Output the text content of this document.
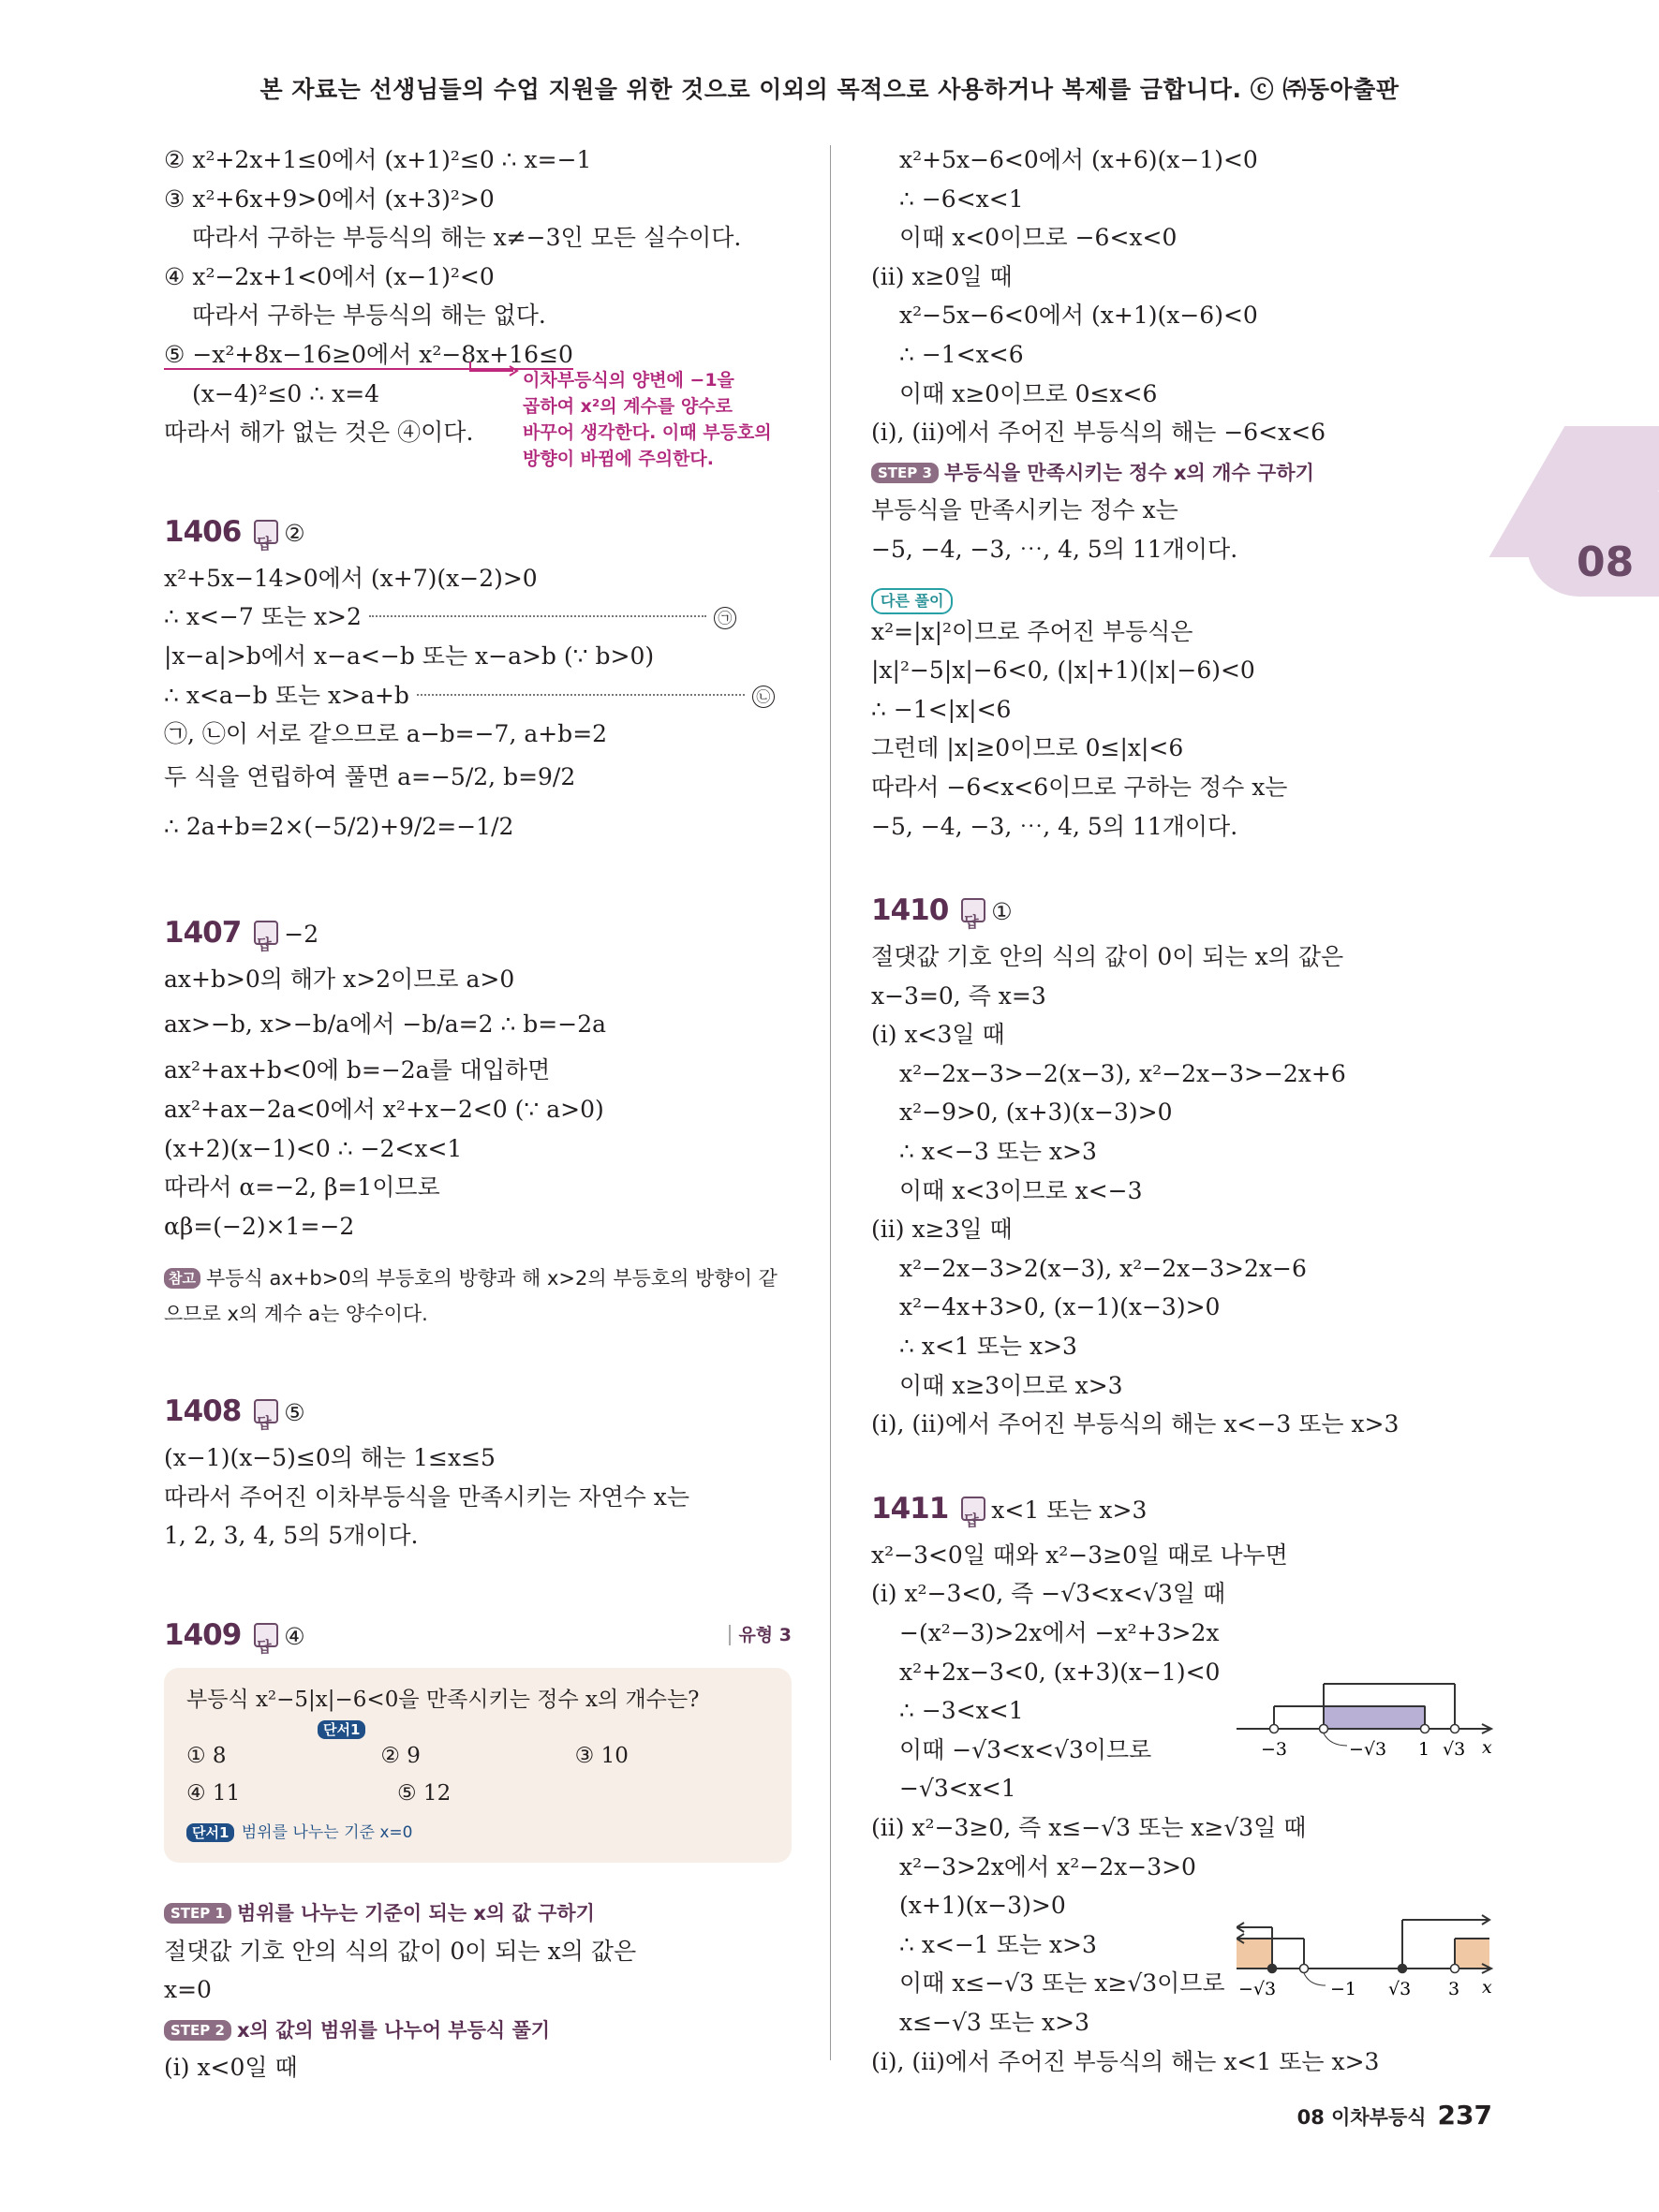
본 자료는 선생님들의 수업 지원을 위한 것으로 이외의 목적으로 사용하거나 복제를 금합니다. ⓒ ㈜동아출판
08
② x²+2x+1≤0에서 (x+1)²≤0 ∴ x=−1
③ x²+6x+9>0에서 (x+3)²>0
따라서 구하는 부등식의 해는 x≠−3인 모든 실수이다.
④ x²−2x+1<0에서 (x−1)²<0
따라서 구하는 부등식의 해는 없다.
⑤ −x²+8x−16≥0에서 x²−8x+16≤0
(x−4)²≤0 ∴ x=4
따라서 해가 없는 것은 ④이다.
1406 답 ②
x²+5x−14>0에서 (x+7)(x−2)>0
∴ x<−7 또는 x>2	㉠
|x−a|>b에서 x−a<−b 또는 x−a>b (∵ b>0)
∴ x<a−b 또는 x>a+b	㉡
㉠, ㉡이 서로 같으므로 a−b=−7, a+b=2
두 식을 연립하여 풀면 a=−5/2, b=9/2
∴ 2a+b=2×(−5/2)+9/2=−1/2
1407 답 −2
ax+b>0의 해가 x>2이므로 a>0
ax>−b, x>−b/a에서 −b/a=2 ∴ b=−2a
ax²+ax+b<0에 b=−2a를 대입하면
ax²+ax−2a<0에서 x²+x−2<0 (∵ a>0)
(x+2)(x−1)<0 ∴ −2<x<1
따라서 α=−2, β=1이므로
αβ=(−2)×1=−2
참고 부등식 ax+b>0의 부등호의 방향과 해 x>2의 부등호의 방향이 같으므로 x의 계수 a는 양수이다.
1408 답 ⑤
(x−1)(x−5)≤0의 해는 1≤x≤5
따라서 주어진 이차부등식을 만족시키는 자연수 x는
1, 2, 3, 4, 5의 5개이다.
1409 답 ④	유형 3
부등식 x²−5|x|−6<0을 만족시키는 정수 x의 개수는?
단서1
① 8	② 9	③ 10
④ 11	⑤ 12
단서1 범위를 나누는 기준 x=0
STEP 1 범위를 나누는 기준이 되는 x의 값 구하기
절댓값 기호 안의 식의 값이 0이 되는 x의 값은
x=0
STEP 2 x의 값의 범위를 나누어 부등식 풀기
(i) x<0일 때
이차부등식의 양변에 −1을
곱하여 x²의 계수를 양수로
바꾸어 생각한다. 이때 부등호의
방향이 바뀜에 주의한다.
x²+5x−6<0에서 (x+6)(x−1)<0
∴ −6<x<1
이때 x<0이므로 −6<x<0
(ii) x≥0일 때
x²−5x−6<0에서 (x+1)(x−6)<0
∴ −1<x<6
이때 x≥0이므로 0≤x<6
(i), (ii)에서 주어진 부등식의 해는 −6<x<6
STEP 3 부등식을 만족시키는 정수 x의 개수 구하기
부등식을 만족시키는 정수 x는
−5, −4, −3, ⋯, 4, 5의 11개이다.
다른 풀이
x²=|x|²이므로 주어진 부등식은
|x|²−5|x|−6<0, (|x|+1)(|x|−6)<0
∴ −1<|x|<6
그런데 |x|≥0이므로 0≤|x|<6
따라서 −6<x<6이므로 구하는 정수 x는
−5, −4, −3, ⋯, 4, 5의 11개이다.
1410 답 ①
절댓값 기호 안의 식의 값이 0이 되는 x의 값은
x−3=0, 즉 x=3
(i) x<3일 때
x²−2x−3>−2(x−3), x²−2x−3>−2x+6
x²−9>0, (x+3)(x−3)>0
∴ x<−3 또는 x>3
이때 x<3이므로 x<−3
(ii) x≥3일 때
x²−2x−3>2(x−3), x²−2x−3>2x−6
x²−4x+3>0, (x−1)(x−3)>0
∴ x<1 또는 x>3
이때 x≥3이므로 x>3
(i), (ii)에서 주어진 부등식의 해는 x<−3 또는 x>3
1411 답 x<1 또는 x>3
x²−3<0일 때와 x²−3≥0일 때로 나누면
(i) x²−3<0, 즉 −√3<x<√3일 때
−(x²−3)>2x에서 −x²+3>2x
x²+2x−3<0, (x+3)(x−1)<0
∴ −3<x<1
이때 −√3<x<√3이므로
−√3<x<1
(ii) x²−3≥0, 즉 x≤−√3 또는 x≥√3일 때
x²−3>2x에서 x²−2x−3>0
(x+1)(x−3)>0
∴ x<−1 또는 x>3
이때 x≤−√3 또는 x≥√3이므로
x≤−√3 또는 x>3
(i), (ii)에서 주어진 부등식의 해는 x<1 또는 x>3
−3	−√3 1 √3 x
−√3	−1 √3 3 x
08 이차부등식 237
